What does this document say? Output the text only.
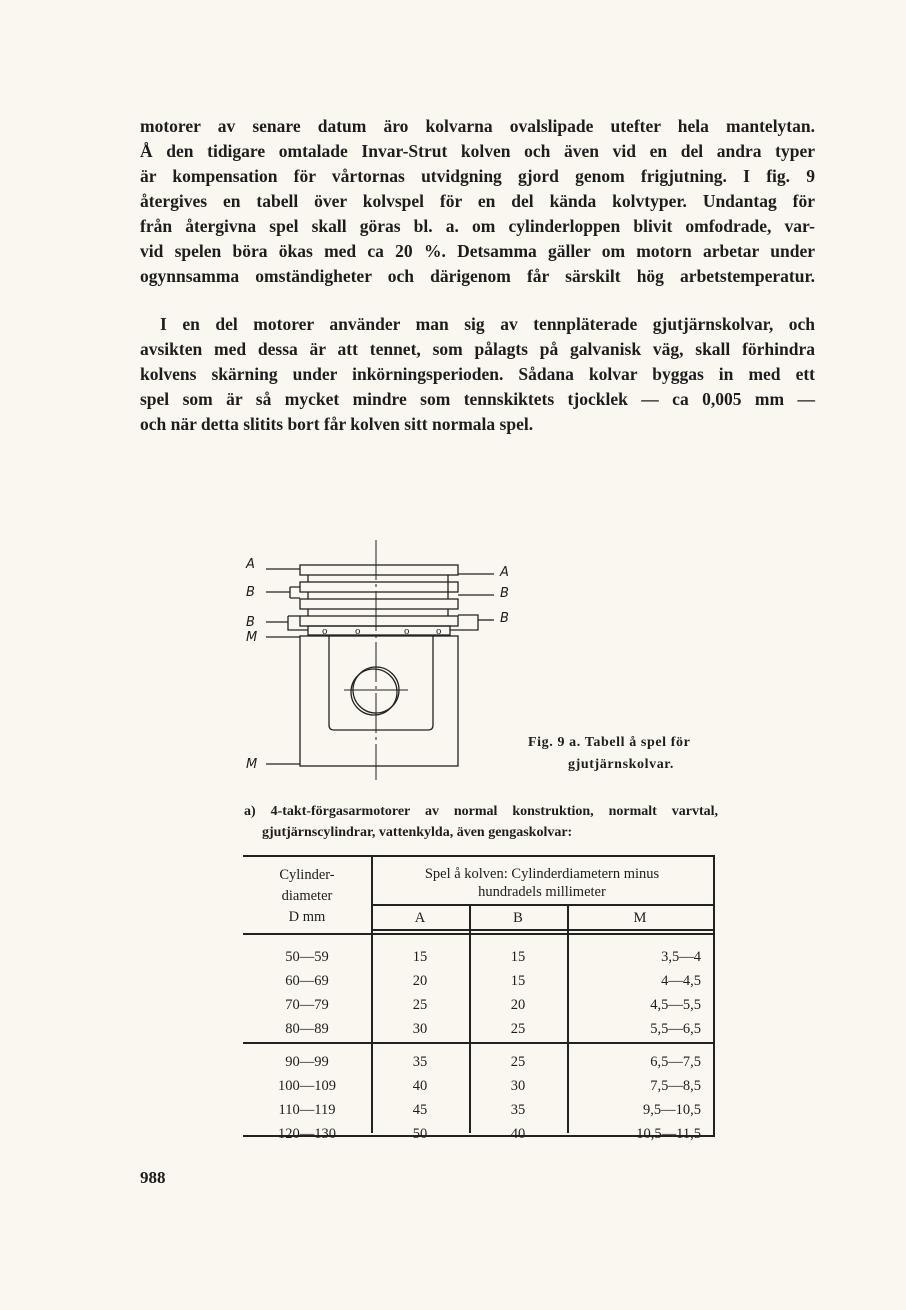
motorer av senare datum äro kolvarna ovalslipade utefter hela mantelytan.
Å den tidigare omtalade Invar-Strut kolven och även vid en del andra typer
är kompensation för vårtornas utvidgning gjord genom frigjutning. I fig. 9
återgives en tabell över kolvspel för en del kända kolvtyper. Undantag för
från återgivna spel skall göras bl. a. om cylinderloppen blivit omfodrade, var-
vid spelen böra ökas med ca 20 %. Detsamma gäller om motorn arbetar under
ogynnsamma omständigheter och därigenom får särskilt hög arbetstemperatur.
I en del motorer använder man sig av tennpläterade gjutjärnskolvar, och
avsikten med dessa är att tennet, som pålagts på galvanisk väg, skall förhindra
kolvens skärning under inkörningsperioden. Sådana kolvar byggas in med ett
spel som är så mycket mindre som tennskiktets tjocklek — ca 0,005 mm —
och när detta slitits bort får kolven sitt normala spel.
o	o	o	o
A
B
B
M
M
A
B
B
Fig. 9 a. Tabell å spel för
gjutjärnskolvar.
a) 4-takt-förgasarmotorer av normal konstruktion, normalt varvtal,
gjutjärnscylindrar, vattenkylda, även gengaskolvar:
Cylinder-
diameter
D mm
Spel å kolven: Cylinderdiametern minus
hundradels millimeter
A	B	M
50—59	15	15	3,5—4
60—69	20	15	4—4,5
70—79	25	20	4,5—5,5
80—89	30	25	5,5—6,5
90—99	35	25	6,5—7,5
100—109	40	30	7,5—8,5
110—119	45	35	9,5—10,5
120—130	50	40	10,5—11,5
988
